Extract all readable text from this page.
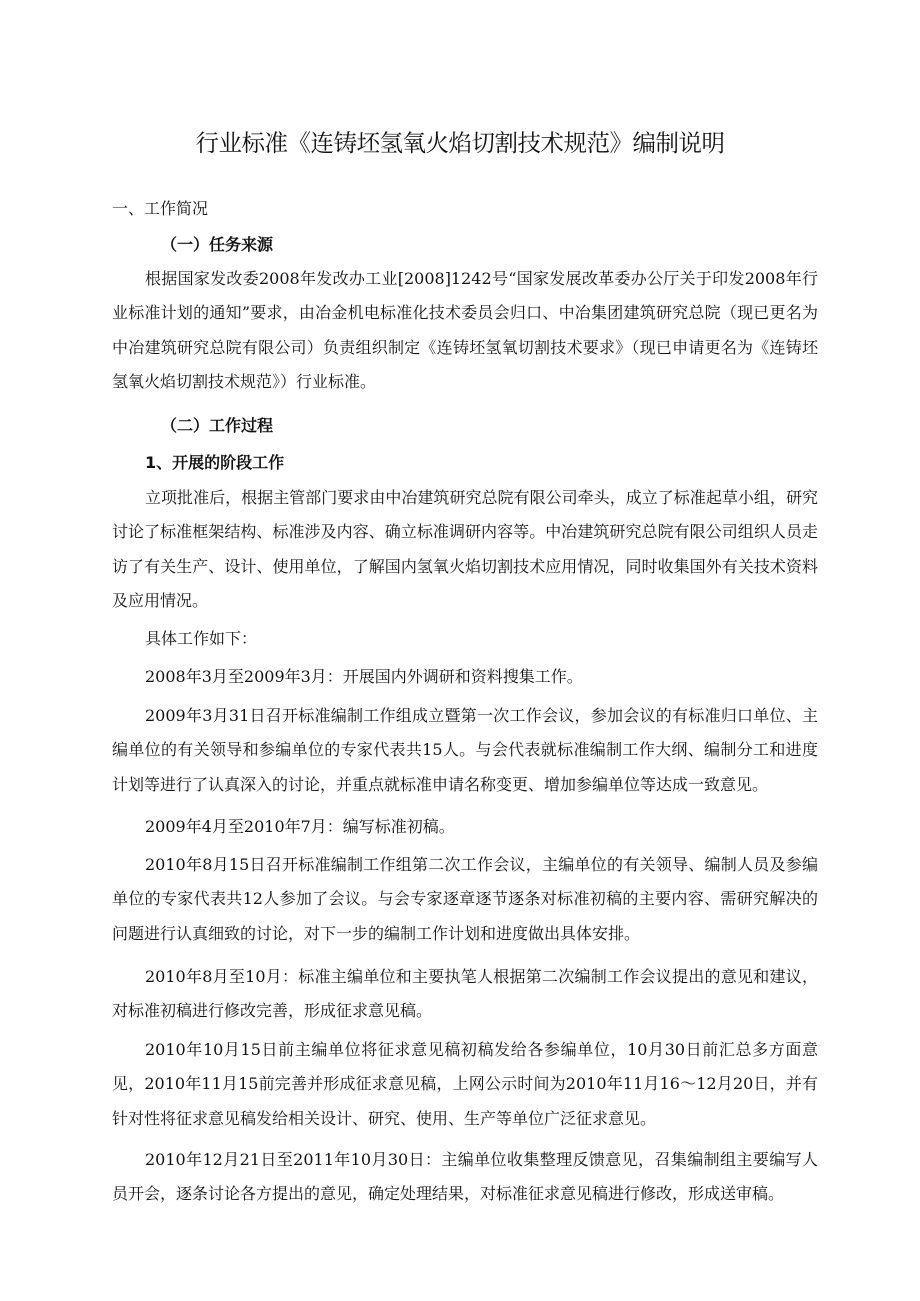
行业标准《连铸坯氢氧火焰切割技术规范》编制说明
一、工作简况
（一）任务来源
根据国家发改委2008年发改办工业[2008]1242号“国家发展改革委办公厅关于印发2008年行业标准计划的通知”要求，由冶金机电标准化技术委员会归口、中冶集团建筑研究总院（现已更名为中冶建筑研究总院有限公司）负责组织制定《连铸坯氢氧切割技术要求》（现已申请更名为《连铸坯氢氧火焰切割技术规范》）行业标准。
（二）工作过程
1、开展的阶段工作
立项批准后，根据主管部门要求由中冶建筑研究总院有限公司牵头，成立了标准起草小组，研究讨论了标准框架结构、标准涉及内容、确立标准调研内容等。中冶建筑研究总院有限公司组织人员走访了有关生产、设计、使用单位，了解国内氢氧火焰切割技术应用情况，同时收集国外有关技术资料及应用情况。
具体工作如下：
2008年3月至2009年3月：开展国内外调研和资料搜集工作。
2009年3月31日召开标准编制工作组成立暨第一次工作会议，参加会议的有标准归口单位、主编单位的有关领导和参编单位的专家代表共15人。与会代表就标准编制工作大纲、编制分工和进度计划等进行了认真深入的讨论，并重点就标准申请名称变更、增加参编单位等达成一致意见。
2009年4月至2010年7月：编写标准初稿。
2010年8月15日召开标准编制工作组第二次工作会议，主编单位的有关领导、编制人员及参编单位的专家代表共12人参加了会议。与会专家逐章逐节逐条对标准初稿的主要内容、需研究解决的问题进行认真细致的讨论，对下一步的编制工作计划和进度做出具体安排。
2010年8月至10月：标准主编单位和主要执笔人根据第二次编制工作会议提出的意见和建议，对标准初稿进行修改完善，形成征求意见稿。
2010年10月15日前主编单位将征求意见稿初稿发给各参编单位，10月30日前汇总多方面意见，2010年11月15前完善并形成征求意见稿，上网公示时间为2010年11月16～12月20日，并有针对性将征求意见稿发给相关设计、研究、使用、生产等单位广泛征求意见。
2010年12月21日至2011年10月30日：主编单位收集整理反馈意见，召集编制组主要编写人员开会，逐条讨论各方提出的意见，确定处理结果，对标准征求意见稿进行修改，形成送审稿。
